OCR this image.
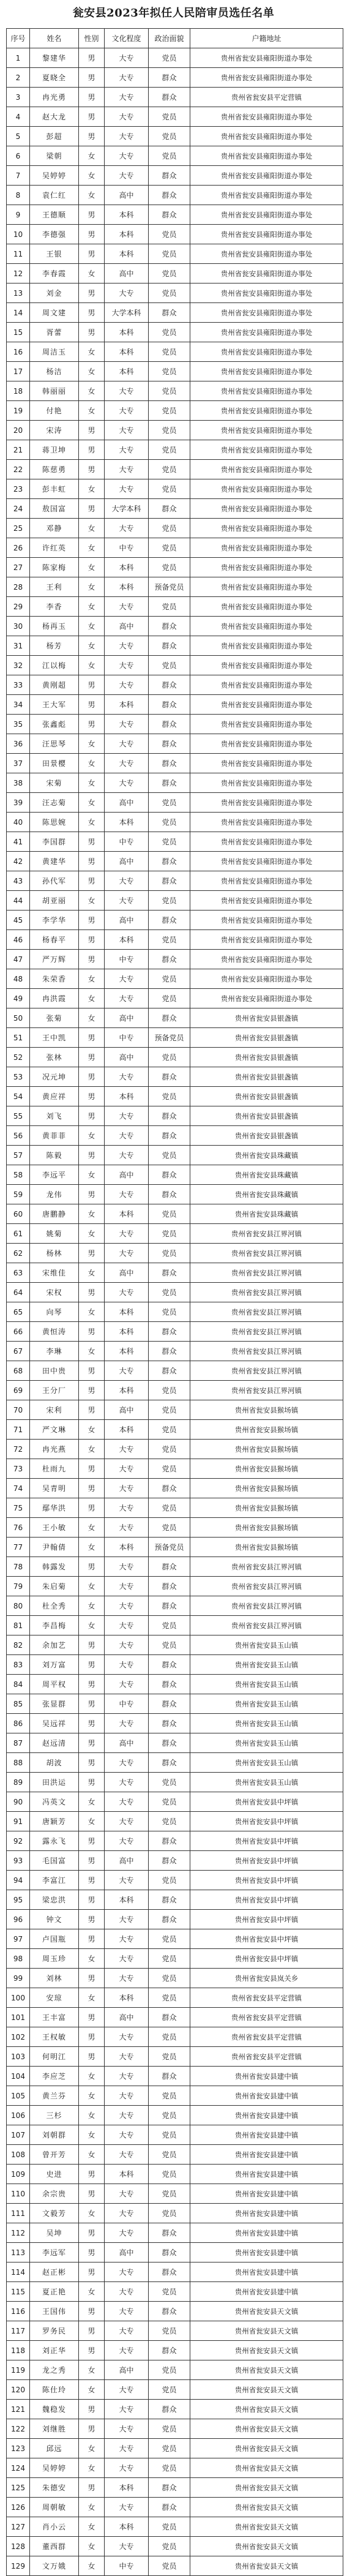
瓮安县2023年拟任人民陪审员选任名单
序号	姓名	性别	文化程度	政治面貌	户籍地址
1	黎建华	男	大专	党员	贵州省瓮安县雍阳街道办事处
2	夏晓全	男	大专	群众	贵州省瓮安县雍阳街道办事处
3	冉光勇	男	大专	群众	贵州省瓮安县平定营镇
4	赵大龙	男	大专	党员	贵州省瓮安县雍阳街道办事处
5	彭超	男	大专	党员	贵州省瓮安县雍阳街道办事处
6	梁朝	女	大专	党员	贵州省瓮安县雍阳街道办事处
7	吴婷婷	女	大专	群众	贵州省瓮安县雍阳街道办事处
8	袁仁红	女	高中	群众	贵州省瓮安县雍阳街道办事处
9	王德顺	男	本科	群众	贵州省瓮安县雍阳街道办事处
10	李德强	男	本科	党员	贵州省瓮安县雍阳街道办事处
11	王银	男	本科	党员	贵州省瓮安县雍阳街道办事处
12	李春霞	女	高中	党员	贵州省瓮安县雍阳街道办事处
13	刘金	男	大专	党员	贵州省瓮安县雍阳街道办事处
14	周文建	男	大学本科	群众	贵州省瓮安县雍阳街道办事处
15	胥蕾	男	本科	党员	贵州省瓮安县雍阳街道办事处
16	周洁玉	女	本科	党员	贵州省瓮安县雍阳街道办事处
17	杨洁	女	本科	党员	贵州省瓮安县雍阳街道办事处
18	韩丽丽	女	大专	党员	贵州省瓮安县雍阳街道办事处
19	付艳	女	大专	党员	贵州省瓮安县雍阳街道办事处
20	宋涛	男	大专	党员	贵州省瓮安县雍阳街道办事处
21	蒋卫坤	男	大专	党员	贵州省瓮安县雍阳街道办事处
22	陈慈勇	男	大专	党员	贵州省瓮安县雍阳街道办事处
23	彭丰虹	女	大专	党员	贵州省瓮安县雍阳街道办事处
24	敖国富	男	大学本科	群众	贵州省瓮安县雍阳街道办事处
25	邓静	女	大专	党员	贵州省瓮安县雍阳街道办事处
26	许红英	女	中专	党员	贵州省瓮安县雍阳街道办事处
27	陈家梅	女	本科	党员	贵州省瓮安县雍阳街道办事处
28	王利	女	本科	预备党员	贵州省瓮安县雍阳街道办事处
29	李香	女	大专	党员	贵州省瓮安县雍阳街道办事处
30	杨再玉	女	高中	群众	贵州省瓮安县雍阳街道办事处
31	杨芳	女	大专	群众	贵州省瓮安县雍阳街道办事处
32	江以梅	女	大专	党员	贵州省瓮安县雍阳街道办事处
33	黄刚超	男	大专	群众	贵州省瓮安县雍阳街道办事处
34	王大军	男	本科	群众	贵州省瓮安县雍阳街道办事处
35	张鑫彪	男	大专	群众	贵州省瓮安县雍阳街道办事处
36	汪思琴	女	大专	群众	贵州省瓮安县雍阳街道办事处
37	田景樱	女	大专	群众	贵州省瓮安县雍阳街道办事处
38	宋菊	女	大专	群众	贵州省瓮安县雍阳街道办事处
39	汪志菊	女	高中	党员	贵州省瓮安县雍阳街道办事处
40	陈思婉	女	本科	党员	贵州省瓮安县雍阳街道办事处
41	李国群	男	中专	党员	贵州省瓮安县雍阳街道办事处
42	黄建华	男	高中	群众	贵州省瓮安县雍阳街道办事处
43	孙代军	男	大专	群众	贵州省瓮安县雍阳街道办事处
44	胡亚丽	女	大专	党员	贵州省瓮安县雍阳街道办事处
45	李学华	男	高中	群众	贵州省瓮安县雍阳街道办事处
46	杨春平	男	本科	党员	贵州省瓮安县雍阳街道办事处
47	严万辉	男	中专	群众	贵州省瓮安县雍阳街道办事处
48	朱荣香	女	大专	党员	贵州省瓮安县雍阳街道办事处
49	冉洪霞	女	大专	党员	贵州省瓮安县雍阳街道办事处
50	张菊	女	高中	群众	贵州省瓮安县银盏镇
51	王中凯	男	中专	预备党员	贵州省瓮安县银盏镇
52	张林	男	高中	党员	贵州省瓮安县银盏镇
53	况元坤	男	大专	群众	贵州省瓮安县银盏镇
54	黄应祥	男	本科	党员	贵州省瓮安县银盏镇
55	刘飞	男	大专	群众	贵州省瓮安县银盏镇
56	黄菲菲	女	大专	群众	贵州省瓮安县银盏镇
57	陈毅	男	大专	党员	贵州省瓮安县珠藏镇
58	李远平	女	高中	群众	贵州省瓮安县珠藏镇
59	龙伟	男	大专	群众	贵州省瓮安县珠藏镇
60	唐鹏静	女	本科	党员	贵州省瓮安县珠藏镇
61	姚菊	女	大专	党员	贵州省瓮安县江界河镇
62	杨林	男	大专	党员	贵州省瓮安县江界河镇
63	宋维佳	女	高中	群众	贵州省瓮安县江界河镇
64	宋权	男	大专	党员	贵州省瓮安县江界河镇
65	向琴	女	本科	党员	贵州省瓮安县江界河镇
66	黄恒涛	男	本科	群众	贵州省瓮安县江界河镇
67	李琳	女	本科	群众	贵州省瓮安县江界河镇
68	田中贵	男	大专	群众	贵州省瓮安县江界河镇
69	王分厂	男	本科	党员	贵州省瓮安县江界河镇
70	宋利	男	高中	党员	贵州省瓮安县猴场镇
71	严文琳	女	本科	党员	贵州省瓮安县猴场镇
72	冉光燕	女	大专	党员	贵州省瓮安县猴场镇
73	杜雨九	男	大专	党员	贵州省瓮安县猴场镇
74	吴青明	男	大专	群众	贵州省瓮安县猴场镇
75	鄢华洪	男	大专	党员	贵州省瓮安县猴场镇
76	王小敏	女	大专	党员	贵州省瓮安县猴场镇
77	尹翰倩	女	本科	预备党员	贵州省瓮安县猴场镇
78	韩露发	男	大专	群众	贵州省瓮安县江界河镇
79	朱启菊	女	大专	群众	贵州省瓮安县江界河镇
80	杜全秀	女	大专	群众	贵州省瓮安县江界河镇
81	李昌梅	女	大专	党员	贵州省瓮安县江界河镇
82	余加艺	男	大专	党员	贵州省瓮安县玉山镇
83	刘万富	男	大专	群众	贵州省瓮安县玉山镇
84	周平权	男	大专	群众	贵州省瓮安县玉山镇
85	张显群	男	中专	群众	贵州省瓮安县玉山镇
86	吴远祥	男	大专	群众	贵州省瓮安县玉山镇
87	赵远清	男	高中	群众	贵州省瓮安县玉山镇
88	胡波	男	大专	群众	贵州省瓮安县玉山镇
89	田洪运	男	大专	党员	贵州省瓮安县玉山镇
90	冯英文	女	大专	党员	贵州省瓮安县中坪镇
91	唐颖芳	女	大专	党员	贵州省瓮安县中坪镇
92	露永飞	男	大专	群众	贵州省瓮安县中坪镇
93	毛国富	男	高中	群众	贵州省瓮安县中坪镇
94	李富江	男	大专	党员	贵州省瓮安县中坪镇
95	梁忠洪	男	本科	群众	贵州省瓮安县中坪镇
96	钟文	男	大专	群众	贵州省瓮安县中坪镇
97	卢国瓶	男	大专	党员	贵州省瓮安县中坪镇
98	周玉珍	女	大专	党员	贵州省瓮安县中坪镇
99	刘林	男	大专	党员	贵州省瓮安县岚关乡
100	安琼	女	本科	党员	贵州省瓮安县平定营镇
101	王丰富	男	高中	群众	贵州省瓮安县平定营镇
102	王权敏	男	大专	党员	贵州省瓮安县平定营镇
103	何明江	男	大专	党员	贵州省瓮安县平定营镇
104	李应芝	女	大专	群众	贵州省瓮安县建中镇
105	黄兰芬	女	大专	党员	贵州省瓮安县建中镇
106	三杉	女	大专	党员	贵州省瓮安县建中镇
107	刘朝群	女	大专	党员	贵州省瓮安县建中镇
108	曾开芳	女	大专	党员	贵州省瓮安县建中镇
109	史进	男	本科	党员	贵州省瓮安县建中镇
110	余宗贵	男	大专	党员	贵州省瓮安县建中镇
111	文毅芳	女	大专	党员	贵州省瓮安县建中镇
112	吴坤	男	大专	群众	贵州省瓮安县建中镇
113	李远军	男	高中	群众	贵州省瓮安县建中镇
114	赵正彬	男	大专	群众	贵州省瓮安县建中镇
115	夏正艳	女	大专	党员	贵州省瓮安县建中镇
116	王国伟	男	大专	群众	贵州省瓮安县天文镇
117	罗务民	男	大专	党员	贵州省瓮安县天文镇
118	刘正华	男	大专	群众	贵州省瓮安县天文镇
119	龙之秀	女	高中	党员	贵州省瓮安县天文镇
120	陈仕玲	女	大专	党员	贵州省瓮安县天文镇
121	魏稳发	男	大专	群众	贵州省瓮安县天文镇
122	刘继胜	男	大专	党员	贵州省瓮安县天文镇
123	邱远	女	大专	党员	贵州省瓮安县天文镇
124	吴婷婷	女	大专	党员	贵州省瓮安县天文镇
125	朱德安	男	本科	群众	贵州省瓮安县天文镇
126	周朝敏	女	大专	群众	贵州省瓮安县天文镇
127	肖小云	女	本科	党员	贵州省瓮安县天文镇
128	董西群	女	大专	党员	贵州省瓮安县天文镇
129	文万娥	女	中专	党员	贵州省瓮安县天文镇
